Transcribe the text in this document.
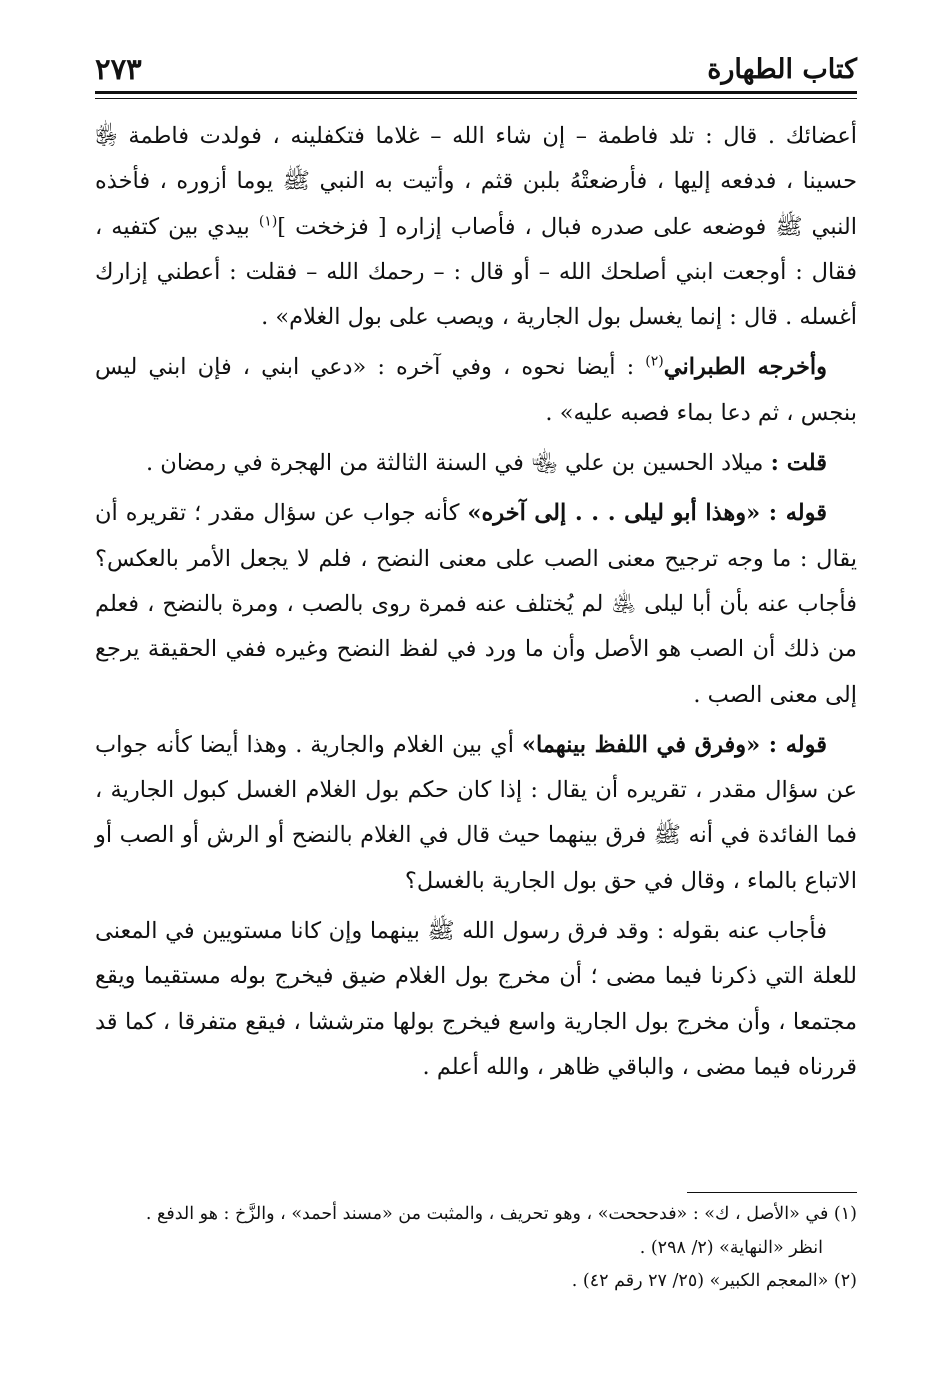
كتاب الطهارة
٢٧٣

أعضائك . قال : تلد فاطمة – إن شاء الله – غلاما فتكفلينه ، فولدت فاطمة ﵂ حسينا ، فدفعه إليها ، فأرضعتْهُ بلبن قثم ، وأتيت به النبي ﷺ يوما أزوره ، فأخذه النبي ﷺ فوضعه على صدره فبال ، فأصاب إزاره [ فزخخت ]$^{(١)}$ بيدي بين كتفيه ، فقال : أوجعت ابني أصلحك الله – أو قال : – رحمك الله – فقلت : أعطني إزارك أغسله . قال : إنما يغسل بول الجارية ، ويصب على بول الغلام» .

وأخرجه الطبراني$^{(٢)}$ : أيضا نحوه ، وفي آخره : «دعي ابني ، فإن ابني ليس بنجس ، ثم دعا بماء فصبه عليه» .

قلت : ميلاد الحسين بن علي ﵄ في السنة الثالثة من الهجرة في رمضان .

قوله : «وهذا أبو ليلى . . . إلى آخره» كأنه جواب عن سؤال مقدر ؛ تقريره أن يقال : ما وجه ترجيح معنى الصب على معنى النضح ، فلم لا يجعل الأمر بالعكس؟ فأجاب عنه بأن أبا ليلى ﵁ لم يُختلف عنه فمرة روى بالصب ، ومرة بالنضح ، فعلم من ذلك أن الصب هو الأصل وأن ما ورد في لفظ النضح وغيره ففي الحقيقة يرجع إلى معنى الصب .

قوله : «وفرق في اللفظ بينهما» أي بين الغلام والجارية . وهذا أيضا كأنه جواب عن سؤال مقدر ، تقريره أن يقال : إذا كان حكم بول الغلام الغسل كبول الجارية ، فما الفائدة في أنه ﷺ فرق بينهما حيث قال في الغلام بالنضح أو الرش أو الصب أو الاتباع بالماء ، وقال في حق بول الجارية بالغسل؟

فأجاب عنه بقوله : وقد فرق رسول الله ﷺ بينهما وإن كانا مستويين في المعنى للعلة التي ذكرنا فيما مضى ؛ أن مخرج بول الغلام ضيق فيخرج بوله مستقيما ويقع مجتمعا ، وأن مخرج بول الجارية واسع فيخرج بولها مترششا ، فيقع متفرقا ، كما قد قررناه فيما مضى ، والباقي ظاهر ، والله أعلم .

(١) في «الأصل ، ك» : «فدحححت» ، وهو تحريف ، والمثبت من «مسند أحمد» ، والزَّخ : هو الدفع .

انظر «النهاية» (٢/ ٢٩٨) .

(٢) «المعجم الكبير» (٢٥/ ٢٧ رقم ٤٢) .
